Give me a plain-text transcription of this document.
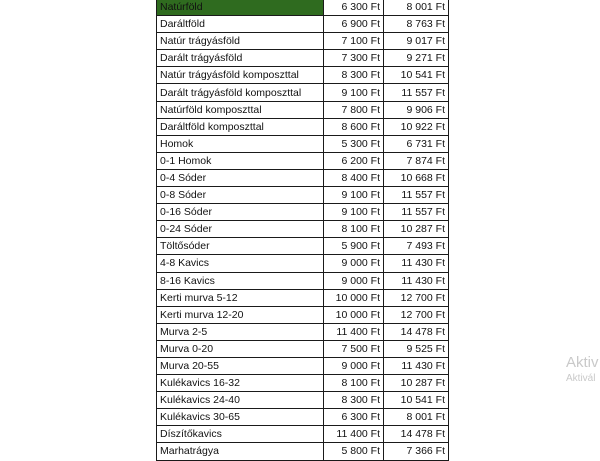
Natúrföld	6 300 Ft	8 001 Ft
Daráltföld	6 900 Ft	8 763 Ft
Natúr trágyásföld	7 100 Ft	9 017 Ft
Darált trágyásföld	7 300 Ft	9 271 Ft
Natúr trágyásföld komposzttal	8 300 Ft	10 541 Ft
Darált trágyásföld komposzttal	9 100 Ft	11 557 Ft
Natúrföld komposzttal	7 800 Ft	9 906 Ft
Daráltföld komposzttal	8 600 Ft	10 922 Ft
Homok	5 300 Ft	6 731 Ft
0-1 Homok	6 200 Ft	7 874 Ft
0-4 Sóder	8 400 Ft	10 668 Ft
0-8 Sóder	9 100 Ft	11 557 Ft
0-16 Sóder	9 100 Ft	11 557 Ft
0-24 Sóder	8 100 Ft	10 287 Ft
Töltősóder	5 900 Ft	7 493 Ft
4-8 Kavics	9 000 Ft	11 430 Ft
8-16 Kavics	9 000 Ft	11 430 Ft
Kerti murva 5-12	10 000 Ft	12 700 Ft
Kerti murva 12-20	10 000 Ft	12 700 Ft
Murva 2-5	11 400 Ft	14 478 Ft
Murva 0-20	7 500 Ft	9 525 Ft
Murva 20-55	9 000 Ft	11 430 Ft
Kulékavics 16-32	8 100 Ft	10 287 Ft
Kulékavics 24-40	8 300 Ft	10 541 Ft
Kulékavics 30-65	6 300 Ft	8 001 Ft
Díszítőkavics	11 400 Ft	14 478 Ft
Marhatrágya	5 800 Ft	7 366 Ft
Aktiv
Aktivál
